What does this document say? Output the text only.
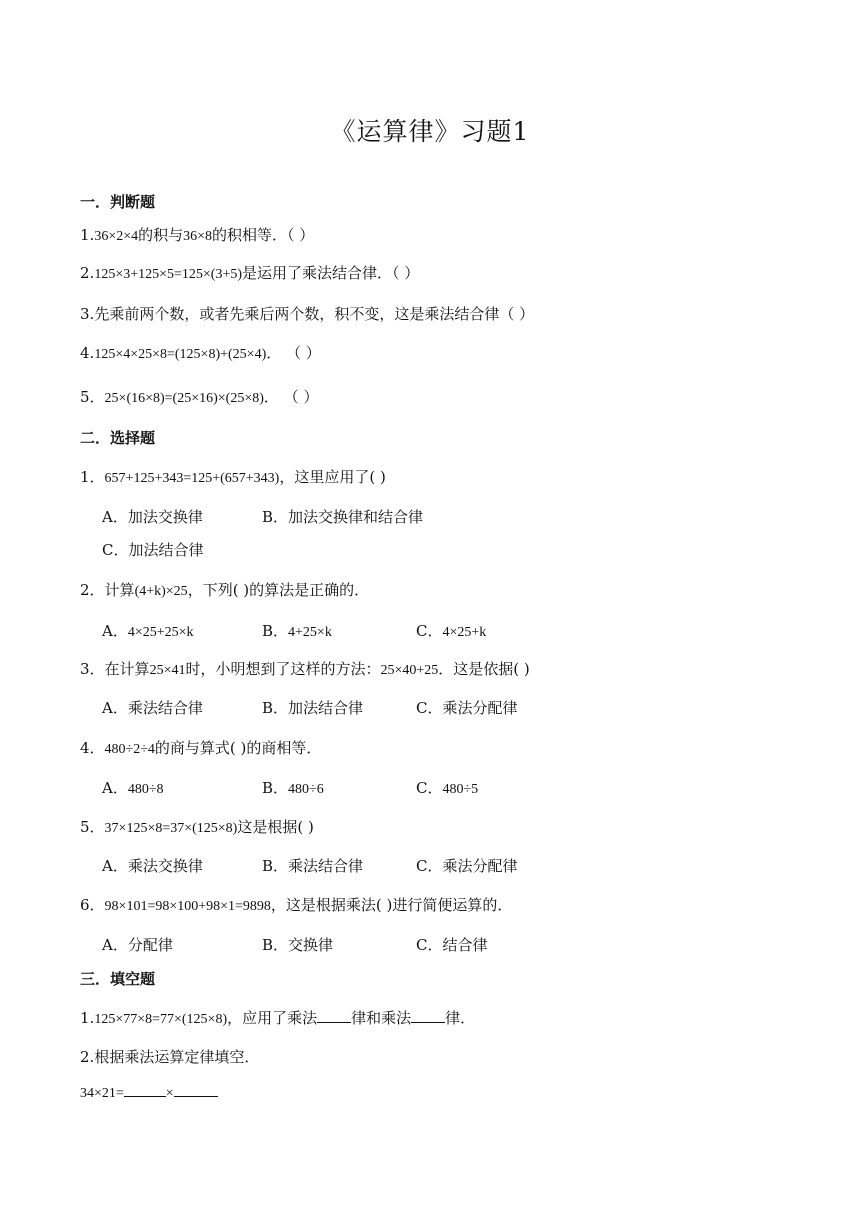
《运算律》习题1
一．判断题
1.36×2×4的积与36×8的积相等．（ ）
2.125×3+125×5=125×(3+5)是运用了乘法结合律．（ ）
3.先乘前两个数，或者先乘后两个数，积不变，这是乘法结合律（ ）
4.125×4×25×8=(125×8)+(25×4)． （ ）
5．25×(16×8)=(25×16)×(25×8)． （ ）
二．选择题
1．657+125+343=125+(657+343)，这里应用了( )
A．加法交换律	B．加法交换律和结合律
C．加法结合律
2．计算(4+k)×25，下列( )的算法是正确的．
A．4×25+25×k	B．4+25×k	C．4×25+k
3．在计算25×41时，小明想到了这样的方法：25×40+25．这是依据( )
A．乘法结合律	B．加法结合律	C．乘法分配律
4．480÷2÷4的商与算式( )的商相等．
A．480÷8	B．480÷6	C．480÷5
5．37×125×8=37×(125×8)这是根据( )
A．乘法交换律	B．乘法结合律	C．乘法分配律
6．98×101=98×100+98×1=9898，这是根据乘法( )进行简便运算的．
A．分配律	B．交换律	C．结合律
三．填空题
1.125×77×8=77×(125×8)，应用了乘法 律和乘法 律．
2.根据乘法运算定律填空．
34×21=	×
